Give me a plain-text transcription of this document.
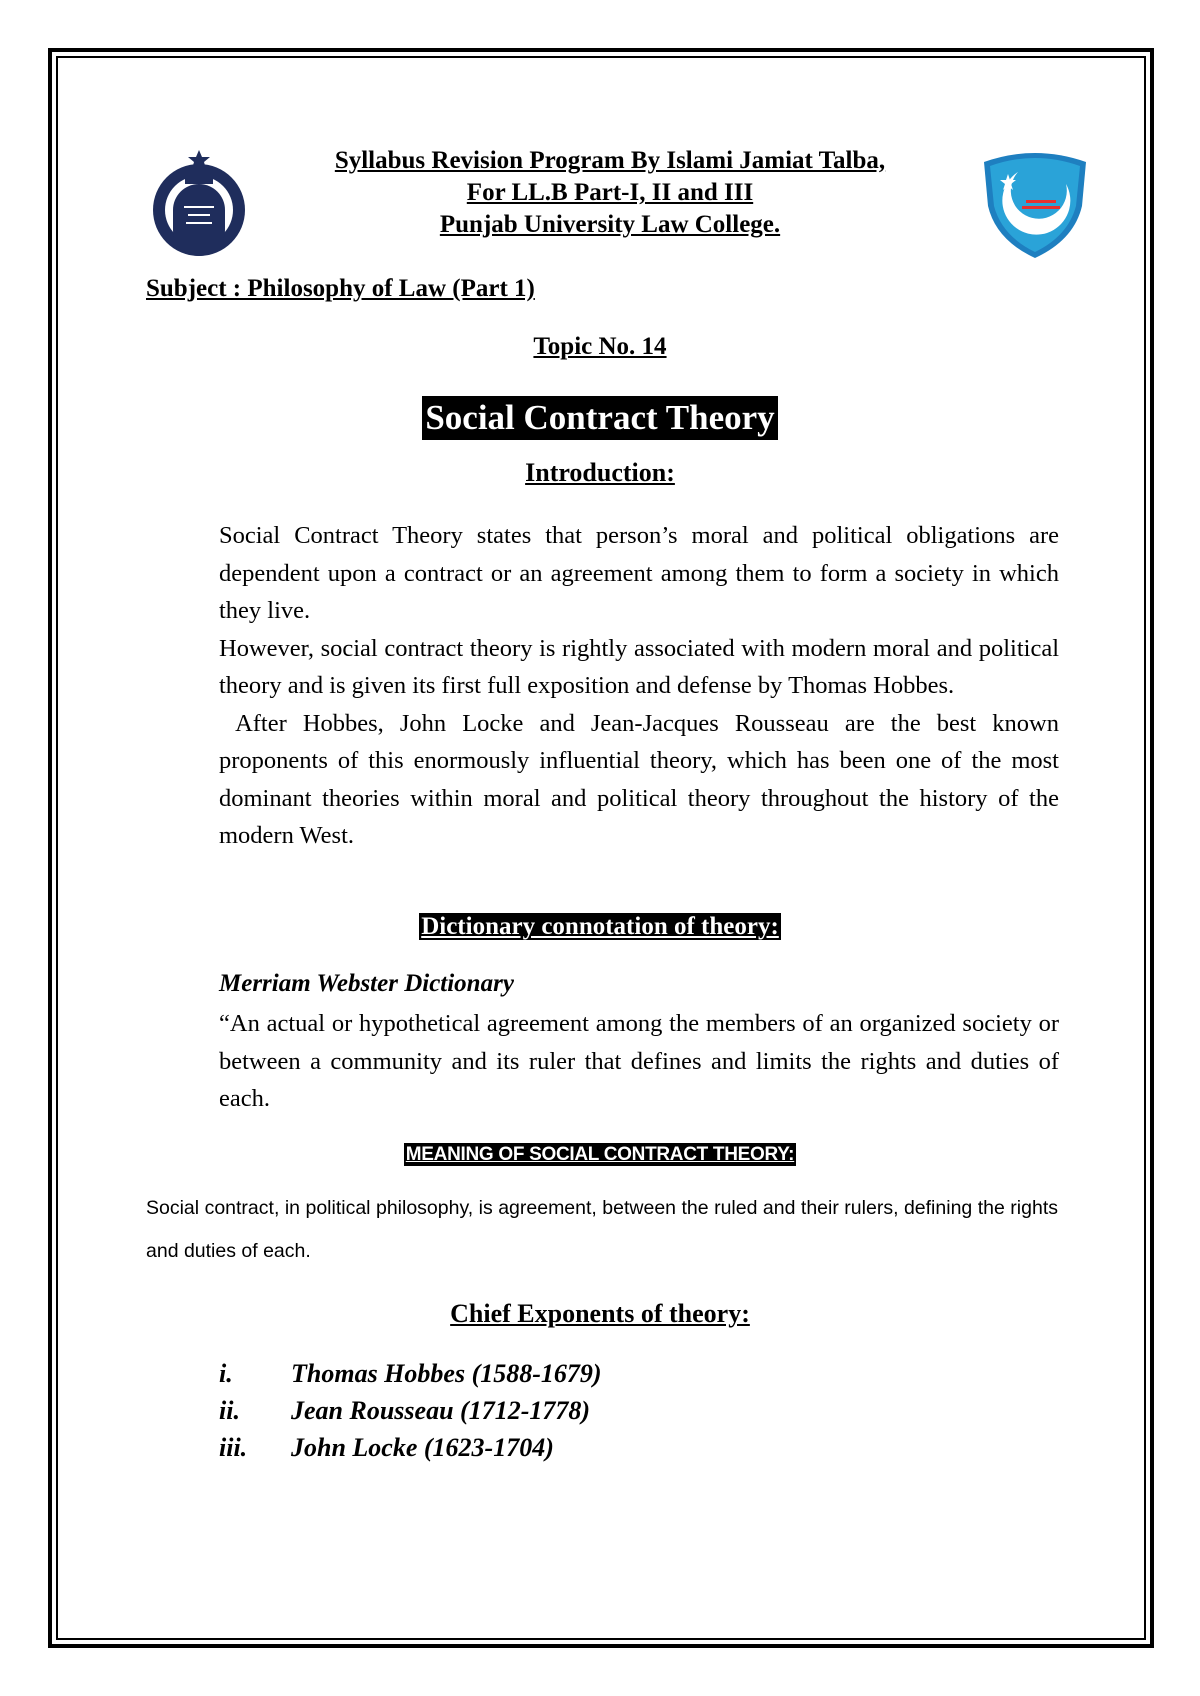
Syllabus Revision Program By Islami Jamiat Talba,
For LL.B Part-I, II and III
Punjab University Law College.
Subject : Philosophy of Law (Part 1)
Topic No. 14
Social Contract Theory
Introduction:

Social Contract Theory states that person’s moral and political obligations are dependent upon a contract or an agreement among them to form a society in which they live.

However, social contract theory is rightly associated with modern moral and political theory and is given its first full exposition and defense by Thomas Hobbes.

After Hobbes, John Locke and Jean-Jacques Rousseau are the best known proponents of this enormously influential theory, which has been one of the most dominant theories within moral and political theory throughout the history of the modern West.

Dictionary connotation of theory:
Merriam Webster Dictionary

“An actual or hypothetical agreement among the members of an organized society or between a community and its ruler that defines and limits the rights and duties of each.

MEANING OF SOCIAL CONTRACT THEORY:
Social contract, in political philosophy, is agreement, between the ruled and their rulers, defining the rights and duties of each.
Chief Exponents of theory:
i.	Thomas Hobbes (1588-1679)
ii.	Jean Rousseau (1712-1778)
iii.	John Locke (1623-1704)
